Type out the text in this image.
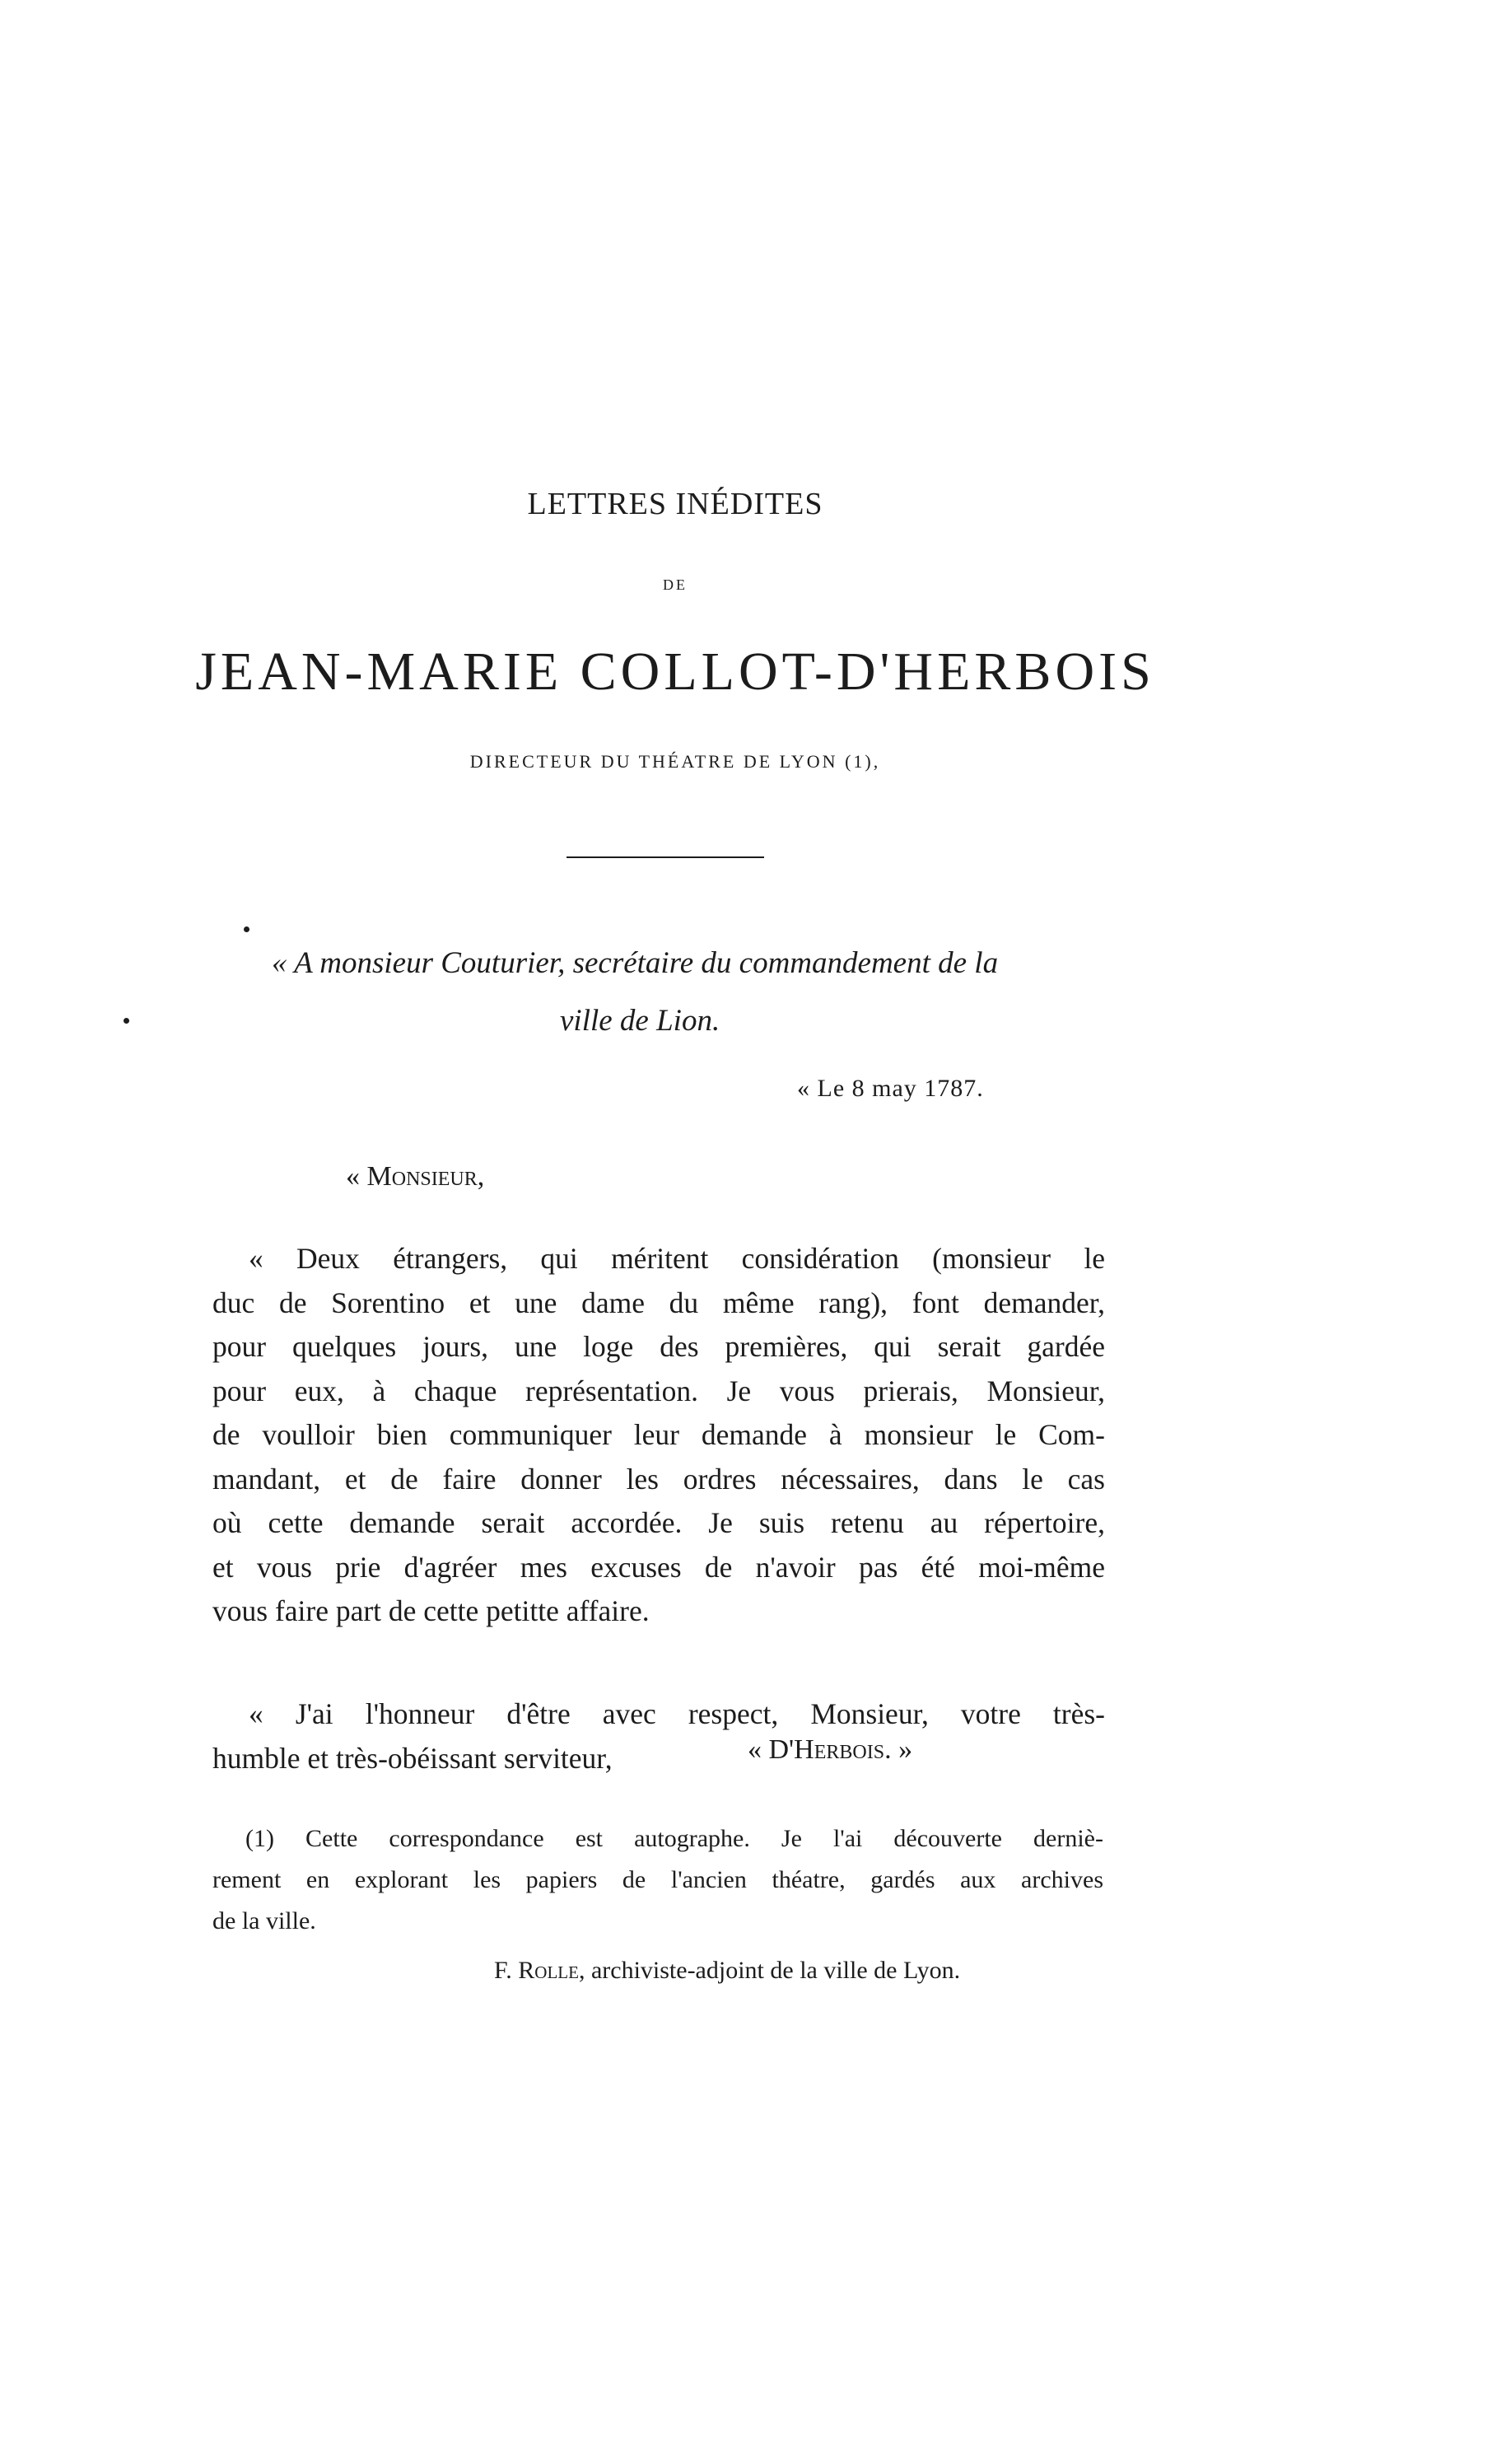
LETTRES INÉDITES
DE
JEAN-MARIE COLLOT-D'HERBOIS
DIRECTEUR DU THÉATRE DE LYON (1),
« A monsieur Couturier, secrétaire du commandement de la
ville de Lion.
« Le 8 may 1787.
« Monsieur,
« Deux étrangers, qui méritent considération (monsieur le
duc de Sorentino et une dame du même rang), font demander,
pour quelques jours, une loge des premières, qui serait gardée
pour eux, à chaque représentation. Je vous prierais, Monsieur,
de voulloir bien communiquer leur demande à monsieur le Com-
mandant, et de faire donner les ordres nécessaires, dans le cas
où cette demande serait accordée. Je suis retenu au répertoire,
et vous prie d'agréer mes excuses de n'avoir pas été moi-même
vous faire part de cette petitte affaire.
« J'ai l'honneur d'être avec respect, Monsieur, votre très-
humble et très-obéissant serviteur,	« D'Herbois. »
(1) Cette correspondance est autographe. Je l'ai découverte derniè-
rement en explorant les papiers de l'ancien théatre, gardés aux archives
de la ville.
F. Rolle, archiviste-adjoint de la ville de Lyon.
